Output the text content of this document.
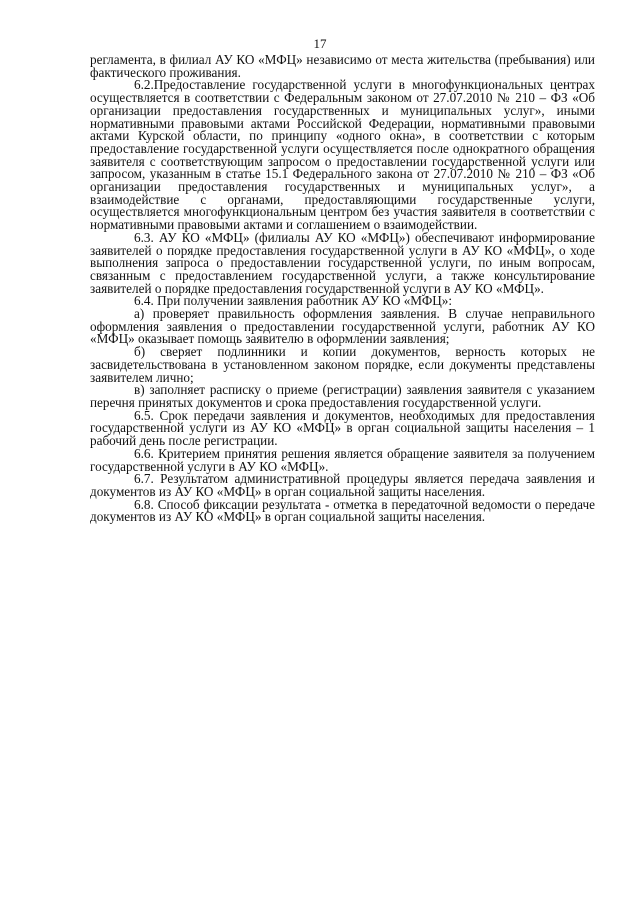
17

регламента, в филиал АУ КО «МФЦ» независимо от места жительства (пребывания) или фактического проживания.

6.2.Предоставление государственной услуги в многофункциональных центрах осуществляется в соответствии с Федеральным законом от 27.07.2010 № 210 – ФЗ «Об организации предоставления государственных и муниципальных услуг», иными нормативными правовыми актами Российской Федерации, нормативными правовыми актами Курской области, по принципу «одного окна», в соответствии с которым предоставление государственной услуги осуществляется после однократного обращения заявителя с соответствующим запросом о предоставлении государственной услуги или запросом, указанным в статье 15.1 Федерального закона от 27.07.2010 № 210 – ФЗ «Об организации предоставления государственных и муниципальных услуг», а взаимодействие с органами, предоставляющими государственные услуги, осуществляется многофункциональным центром без участия заявителя в соответствии с нормативными правовыми актами и соглашением о взаимодействии.

6.3. АУ КО «МФЦ» (филиалы АУ КО «МФЦ») обеспечивают информирование заявителей о порядке предоставления государственной услуги в АУ КО «МФЦ», о ходе выполнения запроса о предоставлении государственной услуги, по иным вопросам, связанным с предоставлением государственной услуги, а также консультирование заявителей о порядке предоставления государственной услуги в АУ КО «МФЦ».

6.4. При получении заявления работник АУ КО «МФЦ»:

а) проверяет правильность оформления заявления. В случае неправильного оформления заявления о предоставлении государственной услуги, работник АУ КО «МФЦ» оказывает помощь заявителю в оформлении заявления;

б) сверяет подлинники и копии документов, верность которых не засвидетельствована в установленном законом порядке, если документы представлены заявителем лично;

в) заполняет расписку о приеме (регистрации) заявления заявителя с указанием перечня принятых документов и срока предоставления государственной услуги.

6.5. Срок передачи заявления и документов, необходимых для предоставления государственной услуги из АУ КО «МФЦ» в орган социальной защиты населения – 1 рабочий день после регистрации.

6.6. Критерием принятия решения является обращение заявителя за получением государственной услуги в АУ КО «МФЦ».

6.7. Результатом административной процедуры является передача заявления и документов из АУ КО «МФЦ» в орган социальной защиты населения.

6.8. Способ фиксации результата - отметка в передаточной ведомости о передаче документов из АУ КО «МФЦ» в орган социальной защиты населения.
